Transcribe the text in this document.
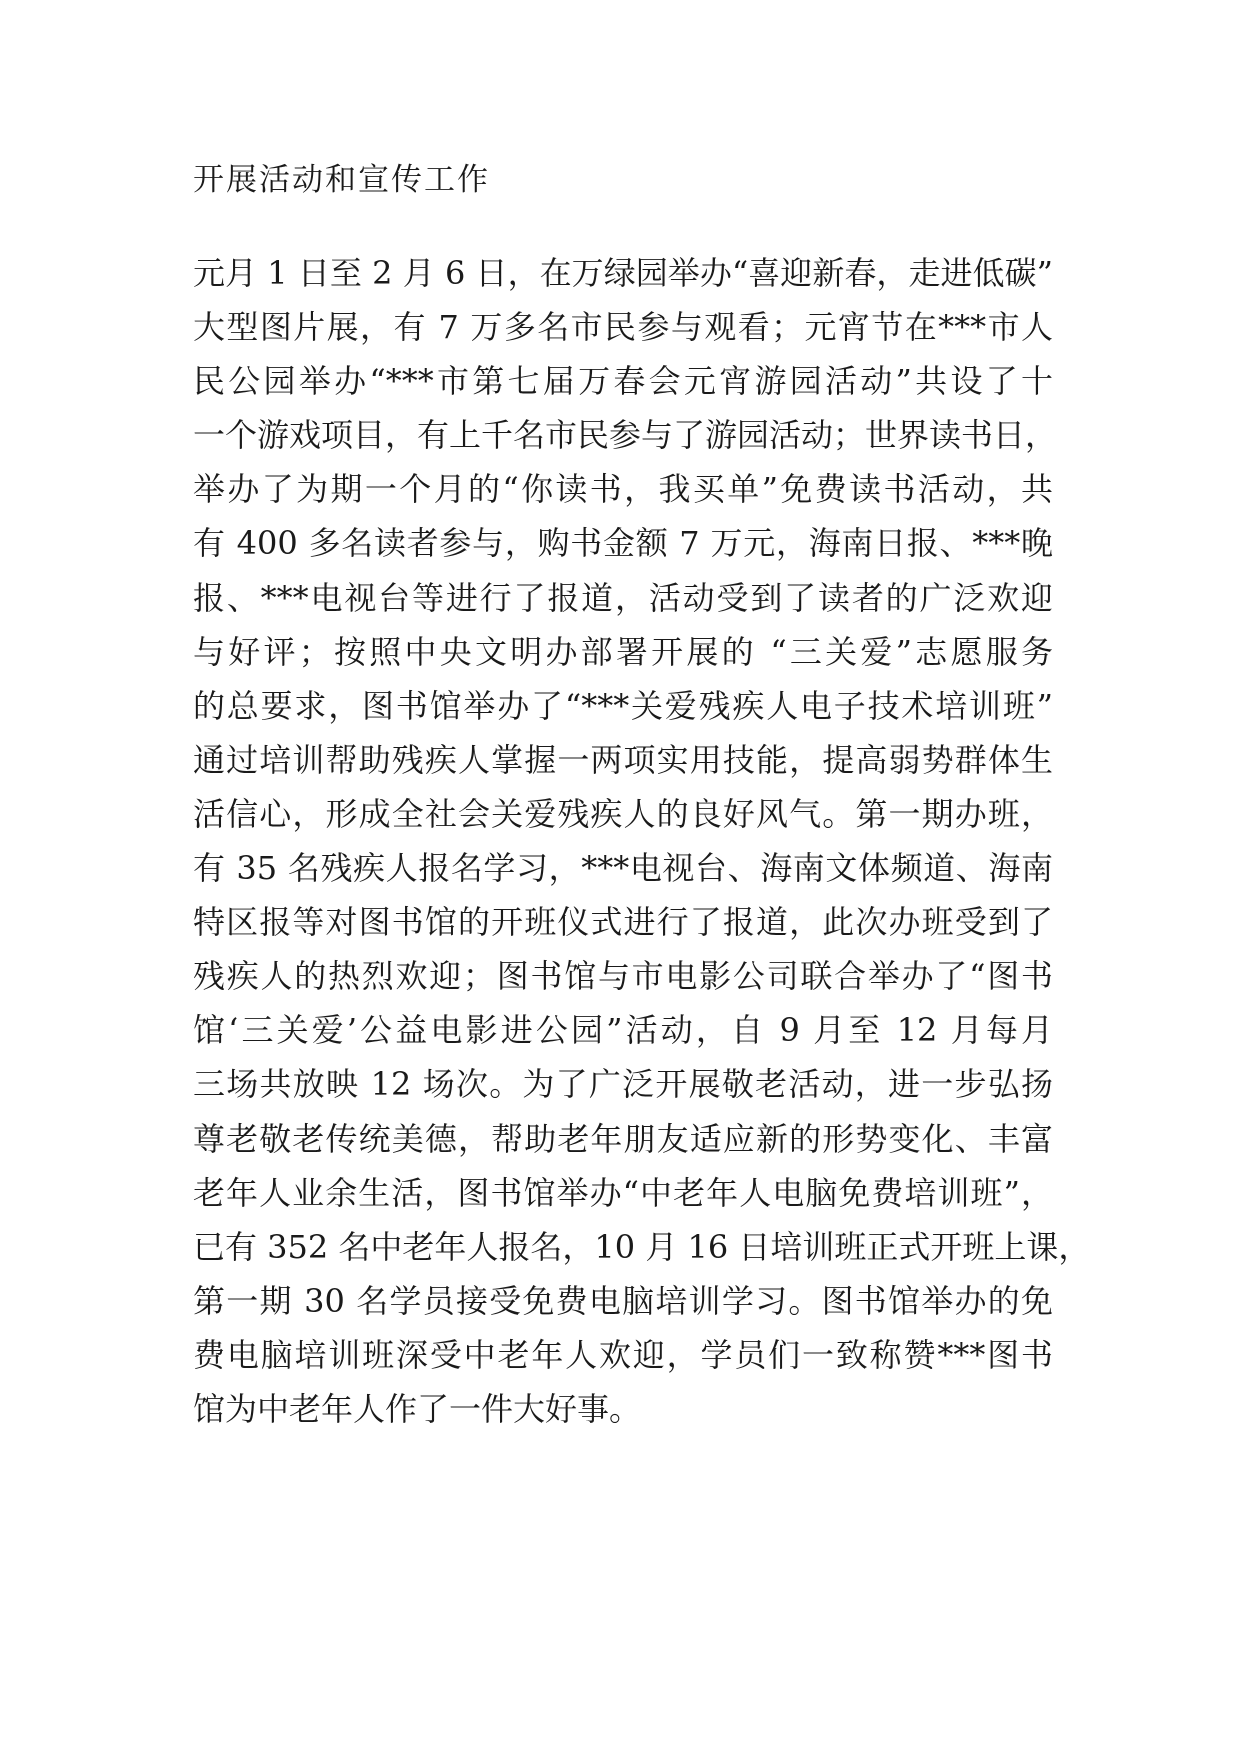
开展活动和宣传工作
元月 1 日至 2 月 6 日，在万绿园举办“喜迎新春，走进低碳”
大型图片展，有 7 万多名市民参与观看；元宵节在***市人
民公园举办“***市第七届万春会元宵游园活动”共设了十
一个游戏项目，有上千名市民参与了游园活动；世界读书日，
举办了为期一个月的“你读书，我买单”免费读书活动，共
有 400 多名读者参与，购书金额 7 万元，海南日报、***晚
报、***电视台等进行了报道，活动受到了读者的广泛欢迎
与好评；按照中央文明办部署开展的 “三关爱”志愿服务
的总要求，图书馆举办了“***关爱残疾人电子技术培训班”
通过培训帮助残疾人掌握一两项实用技能，提高弱势群体生
活信心，形成全社会关爱残疾人的良好风气。第一期办班，
有 35 名残疾人报名学习，***电视台、海南文体频道、海南
特区报等对图书馆的开班仪式进行了报道，此次办班受到了
残疾人的热烈欢迎；图书馆与市电影公司联合举办了“图书
馆‘三关爱’公益电影进公园”活动，自 9 月至 12 月每月
三场共放映 12 场次。为了广泛开展敬老活动，进一步弘扬
尊老敬老传统美德，帮助老年朋友适应新的形势变化、丰富
老年人业余生活，图书馆举办“中老年人电脑免费培训班”，
已有 352 名中老年人报名，10 月 16 日培训班正式开班上课，
第一期 30 名学员接受免费电脑培训学习。图书馆举办的免
费电脑培训班深受中老年人欢迎，学员们一致称赞***图书
馆为中老年人作了一件大好事。
